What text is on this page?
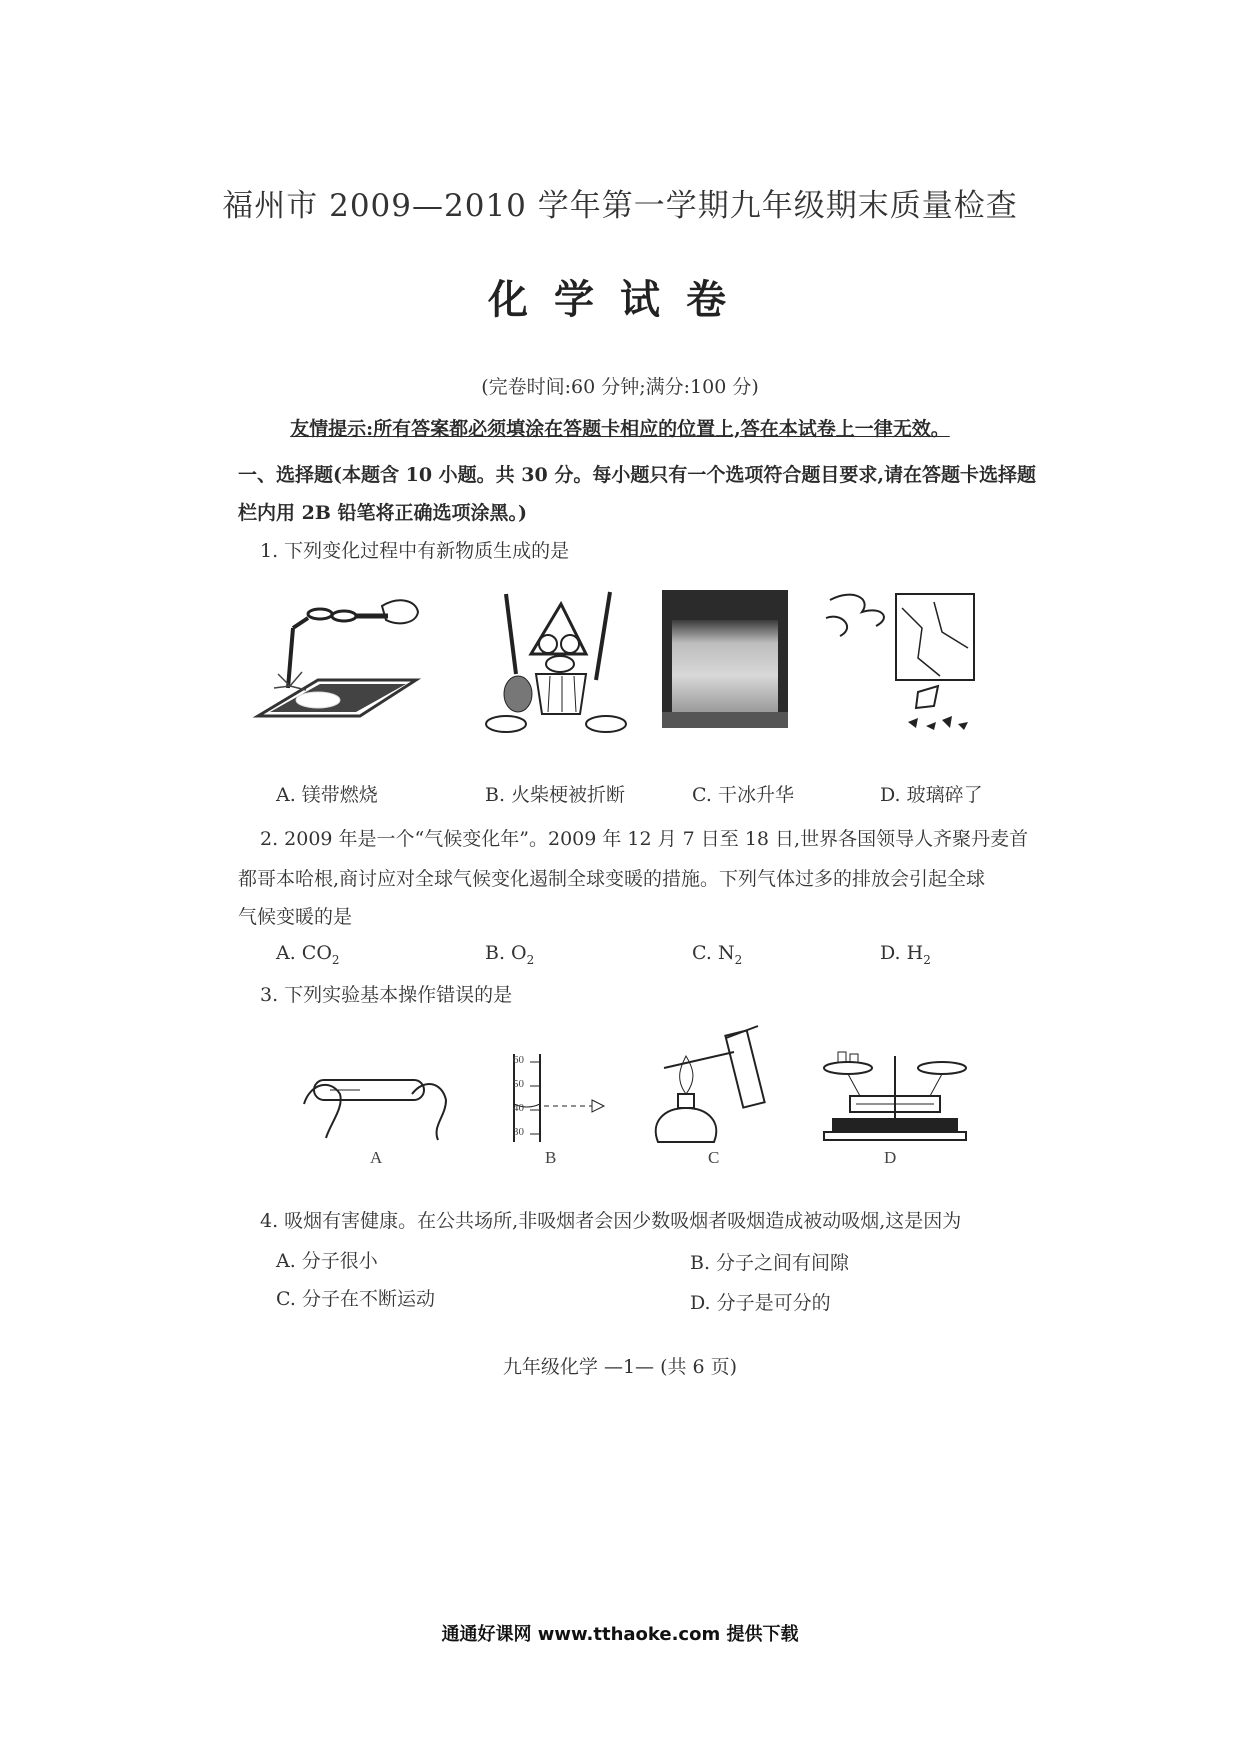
福州市 2009—2010 学年第一学期九年级期末质量检查
化学试卷
(完卷时间:60 分钟;满分:100 分)
友情提示:所有答案都必须填涂在答题卡相应的位置上,答在本试卷上一律无效。
一、选择题(本题含 10 小题。共 30 分。每小题只有一个选项符合题目要求,请在答题卡选择题栏内用 2B 铅笔将正确选项涂黑。)
1. 下列变化过程中有新物质生成的是
A. 镁带燃烧	B. 火柴梗被折断	C. 干冰升华	D. 玻璃碎了
2. 2009 年是一个“气候变化年”。2009 年 12 月 7 日至 18 日,世界各国领导人齐聚丹麦首
都哥本哈根,商讨应对全球气候变化遏制全球变暖的措施。下列气体过多的排放会引起全球
气候变暖的是
A. $CO_2$	B. $O_2$	C. $N_2$	D. $H_2$
3. 下列实验基本操作错误的是
A
60
50
40
30
B	C	D
4. 吸烟有害健康。在公共场所,非吸烟者会因少数吸烟者吸烟造成被动吸烟,这是因为
A. 分子很小	B. 分子之间有间隙
C. 分子在不断运动	D. 分子是可分的
九年级化学 —1— (共 6 页)
通通好课网 www.tthaoke.com 提供下载
